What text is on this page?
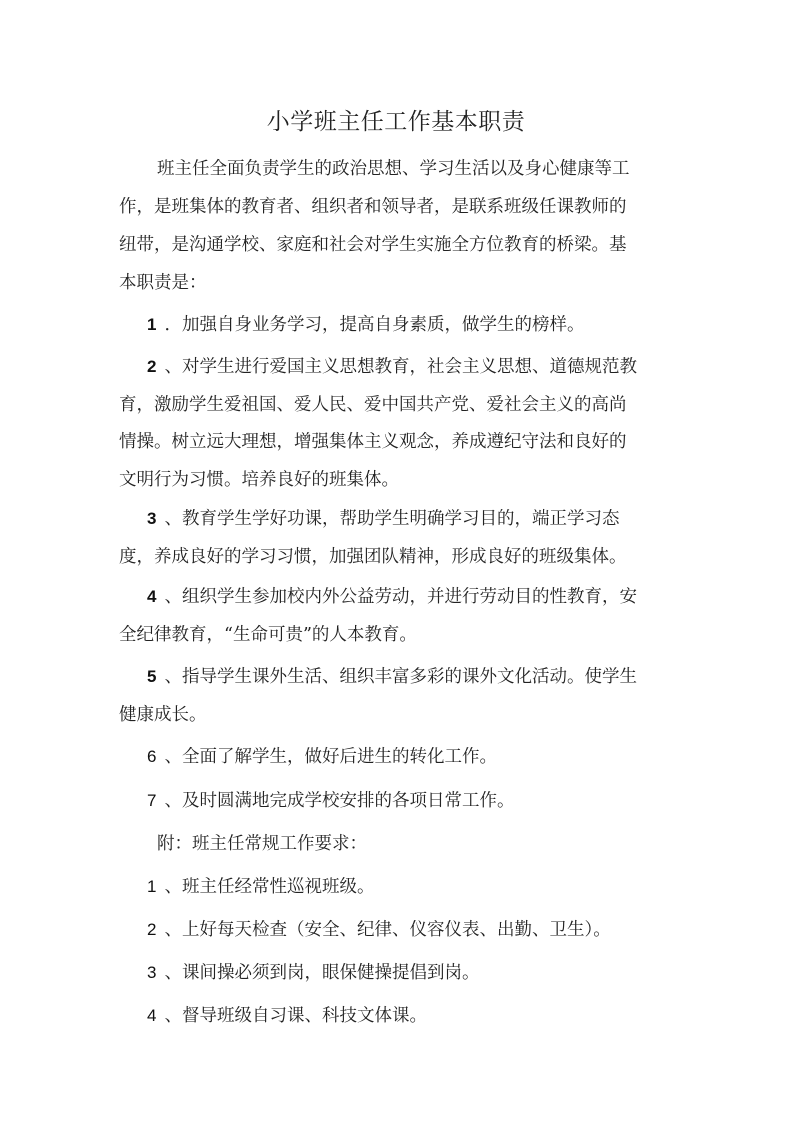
小学班主任工作基本职责
班主任全面负责学生的政治思想、学习生活以及身心健康等工
作，是班集体的教育者、组织者和领导者，是联系班级任课教师的
纽带，是沟通学校、家庭和社会对学生实施全方位教育的桥梁。基
本职责是：
1 ．加强自身业务学习，提高自身素质，做学生的榜样。
2 、对学生进行爱国主义思想教育，社会主义思想、道德规范教
育，激励学生爱祖国、爱人民、爱中国共产党、爱社会主义的高尚
情操。树立远大理想，增强集体主义观念，养成遵纪守法和良好的
文明行为习惯。培养良好的班集体。
3 、教育学生学好功课，帮助学生明确学习目的，端正学习态
度，养成良好的学习习惯，加强团队精神，形成良好的班级集体。
4 、组织学生参加校内外公益劳动，并进行劳动目的性教育，安
全纪律教育，“生命可贵”的人本教育。
5 、指导学生课外生活、组织丰富多彩的课外文化活动。使学生
健康成长。
6 、全面了解学生，做好后进生的转化工作。
7 、及时圆满地完成学校安排的各项日常工作。
附：班主任常规工作要求：
1 、班主任经常性巡视班级。
2 、上好每天检查（安全、纪律、仪容仪表、出勤、卫生）。
3 、课间操必须到岗，眼保健操提倡到岗。
4 、督导班级自习课、科技文体课。
